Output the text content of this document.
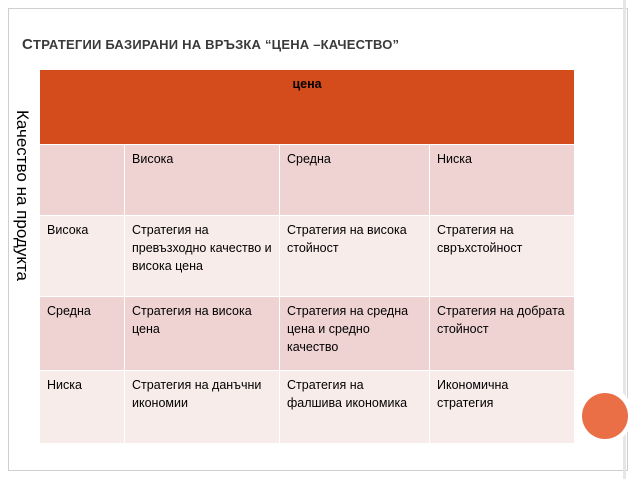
СТРАТЕГИИ БАЗИРАНИ НА ВРЪЗКА “ЦЕНА –КАЧЕСТВО”
Качество на продукта
цена			
	Висока	Средна	Ниска
Висока	Стратегия на превъзходно качество и висока цена	Стратегия на висока стойност	Стратегия на свръхстойност
Средна	Стратегия на висока цена	Стратегия на средна цена и средно качество	Стратегия на добрата стойност
Ниска	Стратегия на данъчни икономии	Стратегия на фалшива икономика	Икономична стратегия
